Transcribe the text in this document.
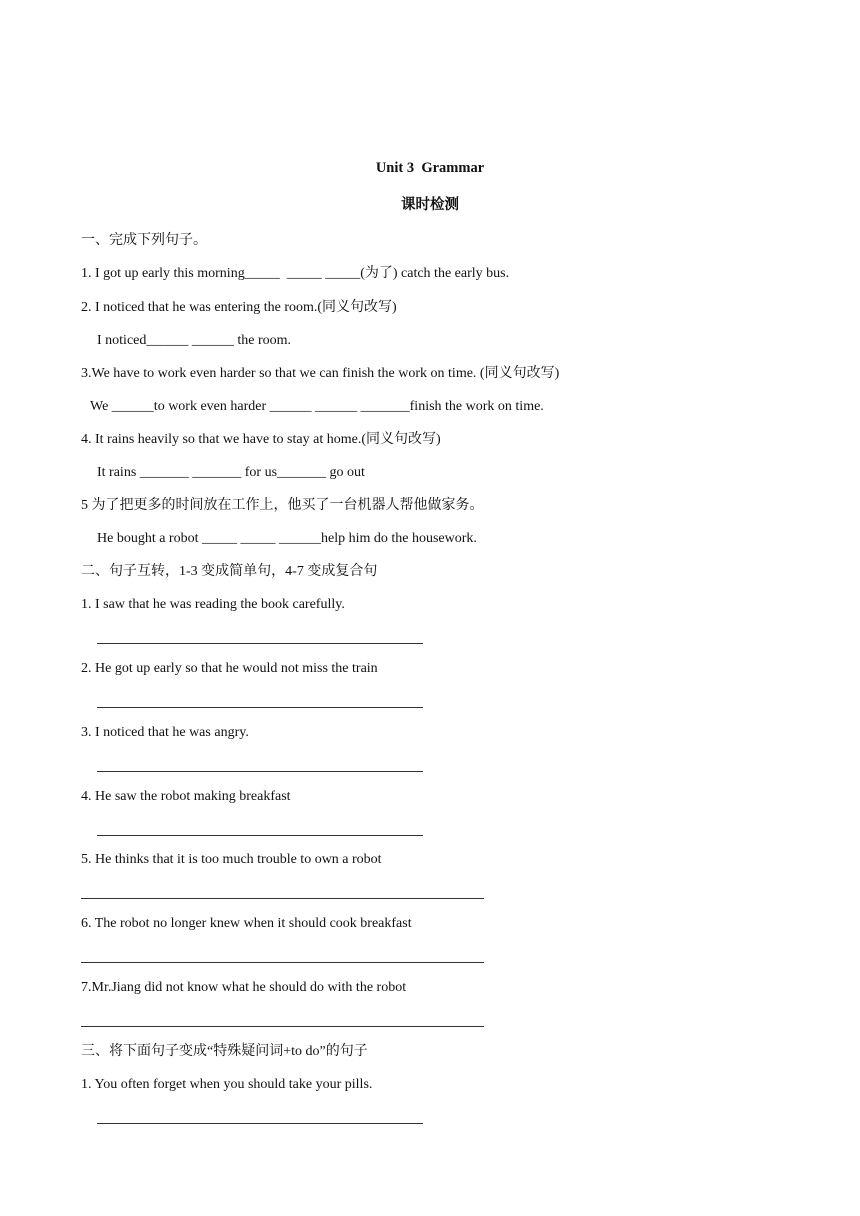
Unit 3  Grammar
课时检测
一、完成下列句子。
1. I got up early this morning_____  _____ _____(为了) catch the early bus.
2. I noticed that he was entering the room.(同义句改写)
I noticed______ ______ the room.
3.We have to work even harder so that we can finish the work on time. (同义句改写)
We ______to work even harder ______ ______ _______finish the work on time.
4. It rains heavily so that we have to stay at home.(同义句改写)
It rains _______ _______ for us_______ go out
5 为了把更多的时间放在工作上，他买了一台机器人帮他做家务。
He bought a robot _____ _____ ______help him do the housework.
二、句子互转，1-3 变成简单句，4-7 变成复合句
1. I saw that he was reading the book carefully.
2. He got up early so that he would not miss the train
3. I noticed that he was angry.
4. He saw the robot making breakfast
5. He thinks that it is too much trouble to own a robot
6. The robot no longer knew when it should cook breakfast
7.Mr.Jiang did not know what he should do with the robot
三、将下面句子变成“特殊疑问词+to do”的句子
1. You often forget when you should take your pills.
